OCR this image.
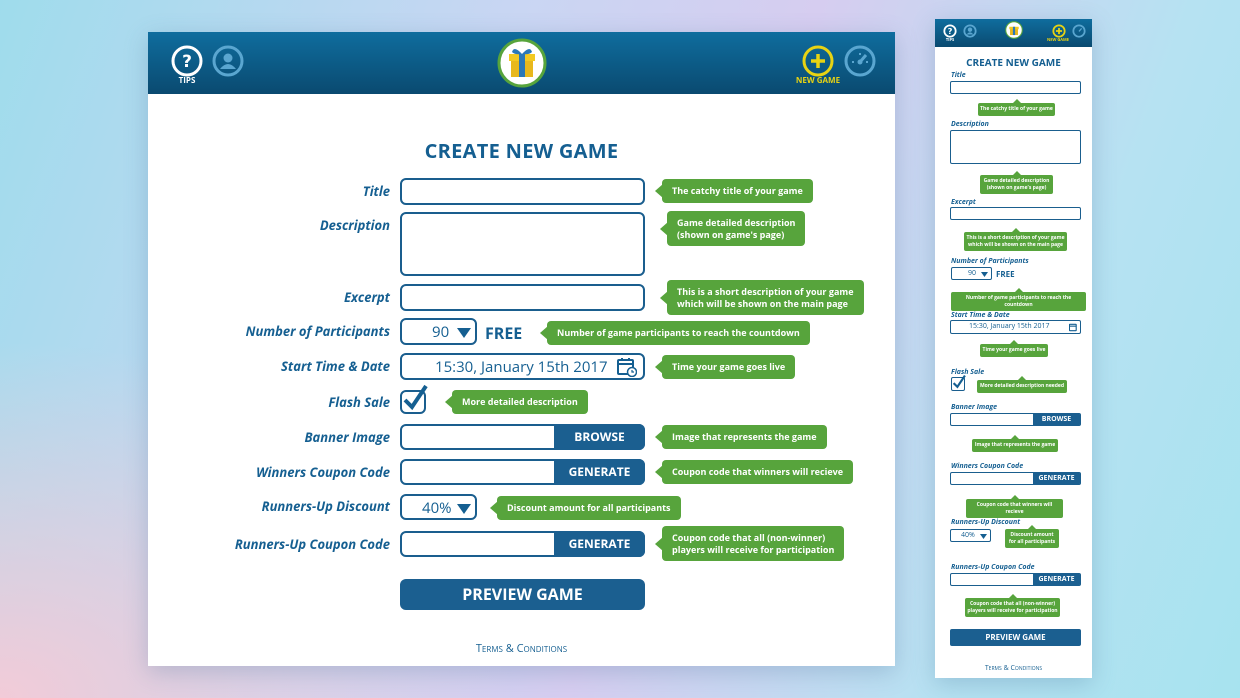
?
TIPS	NEW GAME
CREATE NEW GAME
Title	The catchy title of your game
Description	Game detailed description
(shown on game's page)
Excerpt	This is a short description of your game
which will be shown on the main page
Number of Participants	90 FREE	Number of game participants to reach the countdown
Start Time & Date	15:30, January 15th 2017	Time your game goes live
Flash Sale	More detailed description
Banner Image	BROWSE	Image that represents the game
Winners Coupon Code	GENERATE	Coupon code that winners will recieve
Runners-Up Discount 40%	Discount amount for all participants
Runners-Up Coupon Code	GENERATE	Coupon code that all (non-winner)
players will receive for participation
PREVIEW GAME
Terms & Conditions
?
TIPS	NEW GAME
CREATE NEW GAME
Title
The catchy title of your game
Description
Game detailed description
(shown on game's page)
Excerpt
This is a short description of your game
which will be shown on the main page
Number of Participants
90 FREE
Number of game participants to reach the countdown
Start Time & Date
15:30, January 15th 2017
Time your game goes live
Flash Sale
More detailed description needed
Banner Image
BROWSE
Image that represents the game
Winners Coupon Code
GENERATE
Coupon code that winners will recieve
Runners-Up Discount
40%	Discount amount
for all participants
Runners-Up Coupon Code
GENERATE
Coupon code that all (non-winner)
players will receive for participation
PREVIEW GAME
Terms & Conditions
